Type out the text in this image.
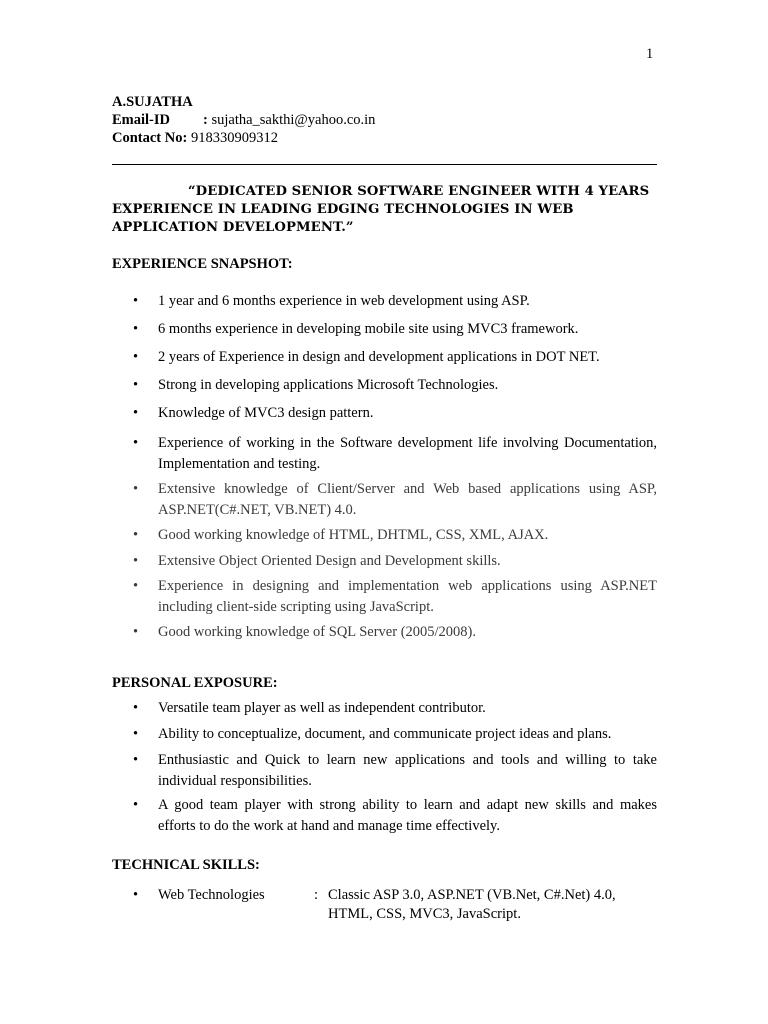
1
A.SUJATHA
Email-ID : sujatha_sakthi@yahoo.co.in
Contact No: 918330909312
“DEDICATED SENIOR SOFTWARE ENGINEER WITH 4 YEARS EXPERIENCE IN LEADING EDGING TECHNOLOGIES IN WEB APPLICATION DEVELOPMENT.”
EXPERIENCE SNAPSHOT:
• 1 year and 6 months experience in web development using ASP.
• 6 months experience in developing mobile site using MVC3 framework.
• 2 years of Experience in design and development applications in DOT NET.
• Strong in developing applications Microsoft Technologies.
• Knowledge of MVC3 design pattern.
• Experience of working in the Software development life involving Documentation, Implementation and testing.
• Extensive knowledge of Client/Server and Web based applications using ASP, ASP.NET(C#.NET, VB.NET) 4.0.
• Good working knowledge of HTML, DHTML, CSS, XML, AJAX.
• Extensive Object Oriented Design and Development skills.
• Experience in designing and implementation web applications using ASP.NET including client-side scripting using JavaScript.
• Good working knowledge of SQL Server (2005/2008).
PERSONAL EXPOSURE:
• Versatile team player as well as independent contributor.
• Ability to conceptualize, document, and communicate project ideas and plans.
• Enthusiastic and Quick to learn new applications and tools and willing to take individual responsibilities.
• A good team player with strong ability to learn and adapt new skills and makes efforts to do the work at hand and manage time effectively.
TECHNICAL SKILLS:
• Web Technologies	: Classic ASP 3.0, ASP.NET (VB.Net, C#.Net) 4.0, HTML, CSS, MVC3, JavaScript.
